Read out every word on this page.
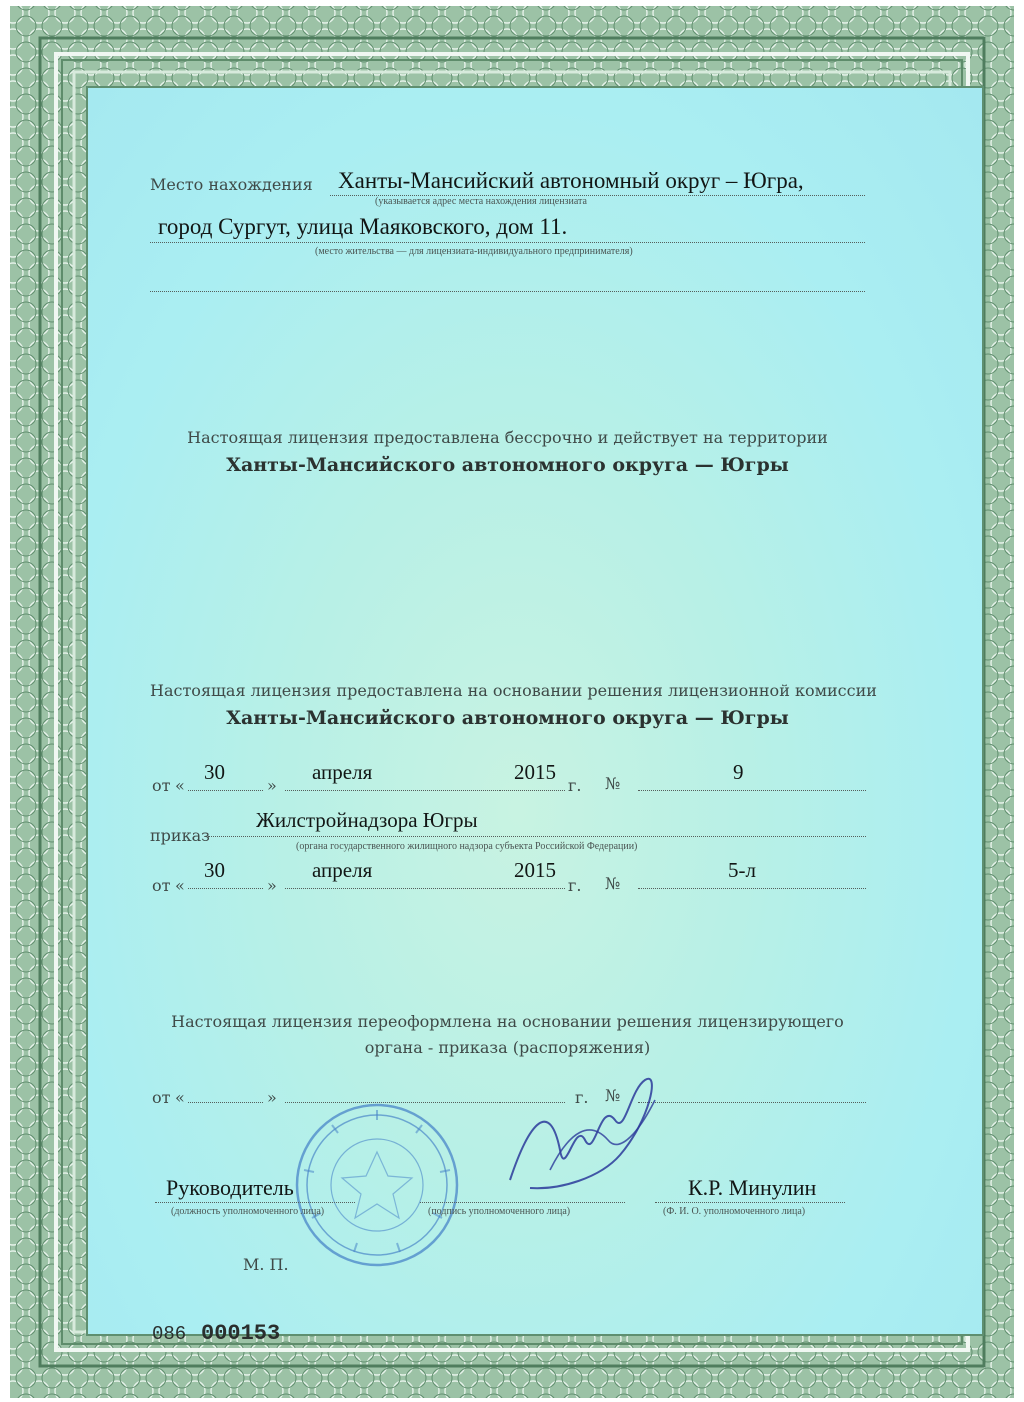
Место нахождения Ханты-Мансийский автономный округ – Югра,
(указывается адрес места нахождения лицензиата
город Сургут, улица Маяковского, дом 11.
(место жительства — для лицензиата-индивидуального предпринимателя)
Настоящая лицензия предоставлена бессрочно и действует на территории
Ханты-Мансийского автономного округа — Югры
Настоящая лицензия предоставлена на основании решения лицензионной комиссии
Ханты-Мансийского автономного округа — Югры
от «
30
»
апреля	2015
г. №	9
приказ
Жилстройнадзора Югры
(органа государственного жилищного надзора субъекта Российской Федерации)
от «
30
»
апреля	2015
г. №
5-л
Настоящая лицензия переоформлена на основании решения лицензирующего
органа - приказа (распоряжения)
от «	»	г. №
Руководитель
(должность уполномоченного лица)	(подпись уполномоченного лица)
К.Р. Минулин
(Ф. И. О. уполномоченного лица)
М. П.
086 000153
